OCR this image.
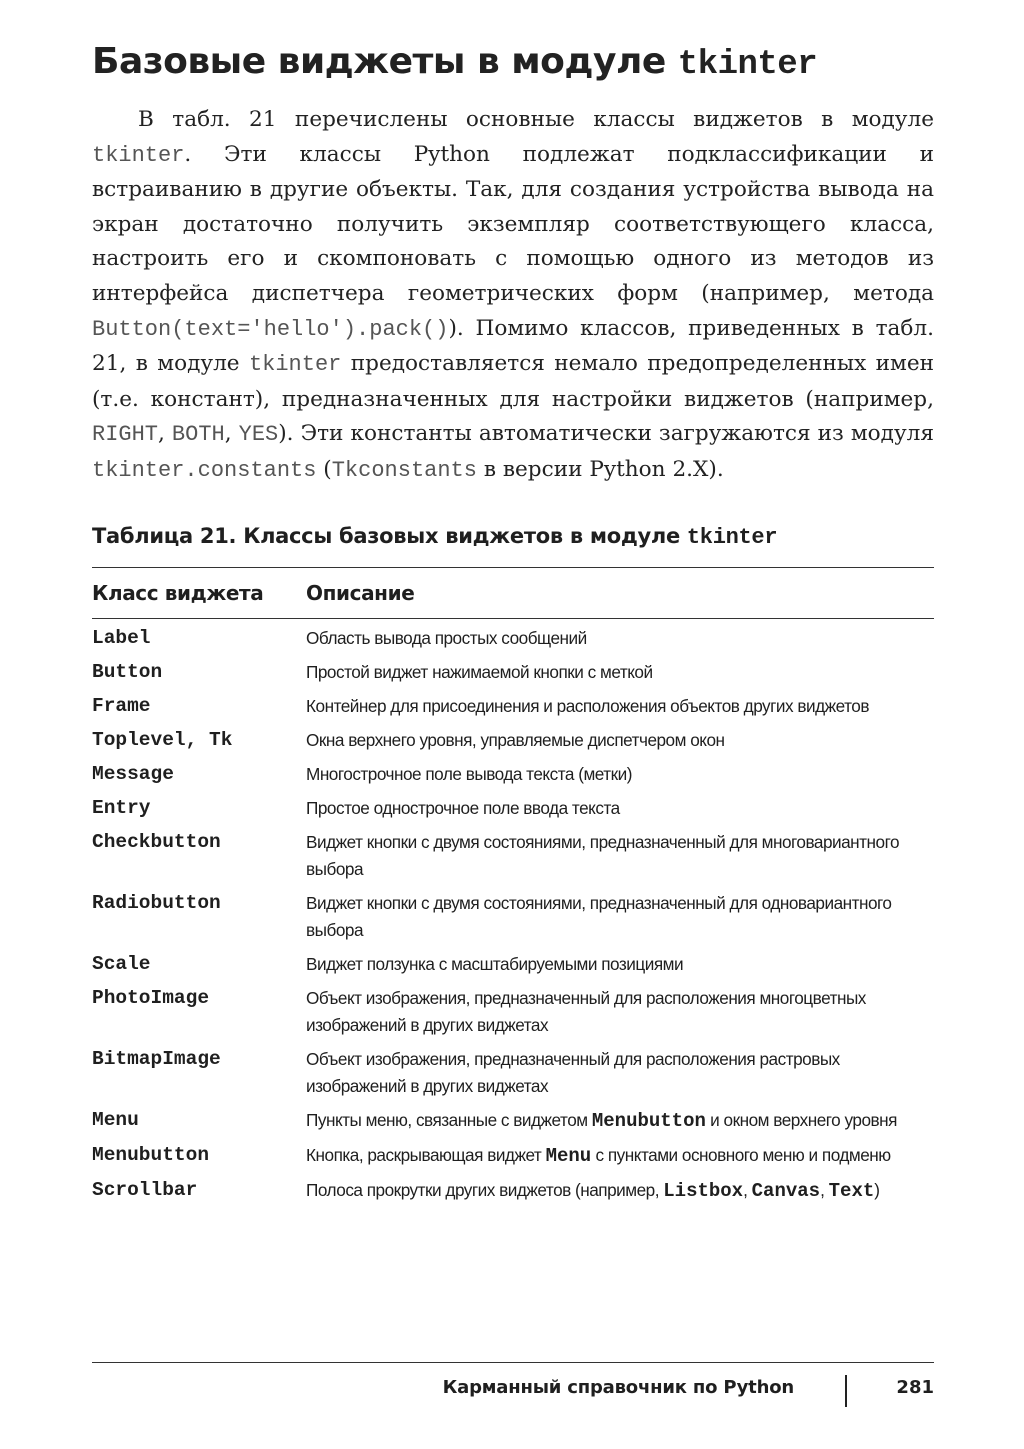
Базовые виджеты в модуле tkinter

В табл. 21 перечислены основные классы виджетов в модуле tkinter. Эти классы Python подлежат подклассификации и встраиванию в другие объекты. Так, для создания устройства вывода на экран достаточно получить экземпляр соответствующего класса, настроить его и скомпоновать с помощью одного из методов из интерфейса диспетчера геометрических форм (например, метода Button(text='hello').pack()). Помимо классов, приведенных в табл. 21, в модуле tkinter предоставляется немало предопределенных имен (т.е. констант), предназначенных для настройки виджетов (например, RIGHT, BOTH, YES). Эти константы автоматически загружаются из модуля tkinter.constants (Tkconstants в версии Python 2.X).

Таблица 21. Классы базовых виджетов в модуле tkinter
Класс виджета	Описание
Label	Область вывода простых сообщений
Button	Простой виджет нажимаемой кнопки с меткой
Frame	Контейнер для присоединения и расположения объектов других виджетов
Toplevel, Tk	Окна верхнего уровня, управляемые диспетчером окон
Message	Многострочное поле вывода текста (метки)
Entry	Простое однострочное поле ввода текста
Checkbutton	Виджет кнопки с двумя состояниями, предназначенный для многовариантного выбора
Radiobutton	Виджет кнопки с двумя состояниями, предназначенный для одновариантного выбора
Scale	Виджет ползунка с масштабируемыми позициями
PhotoImage	Объект изображения, предназначенный для расположения многоцветных изображений в других виджетах
BitmapImage	Объект изображения, предназначенный для расположения растровых изображений в других виджетах
Menu	Пункты меню, связанные с виджетом Menubutton и окном верхнего уровня
Menubutton	Кнопка, раскрывающая виджет Menu с пунктами основного меню и подменю
Scrollbar	Полоса прокрутки других виджетов (например, Listbox, Canvas, Text)
Карманный справочник по Python	281
